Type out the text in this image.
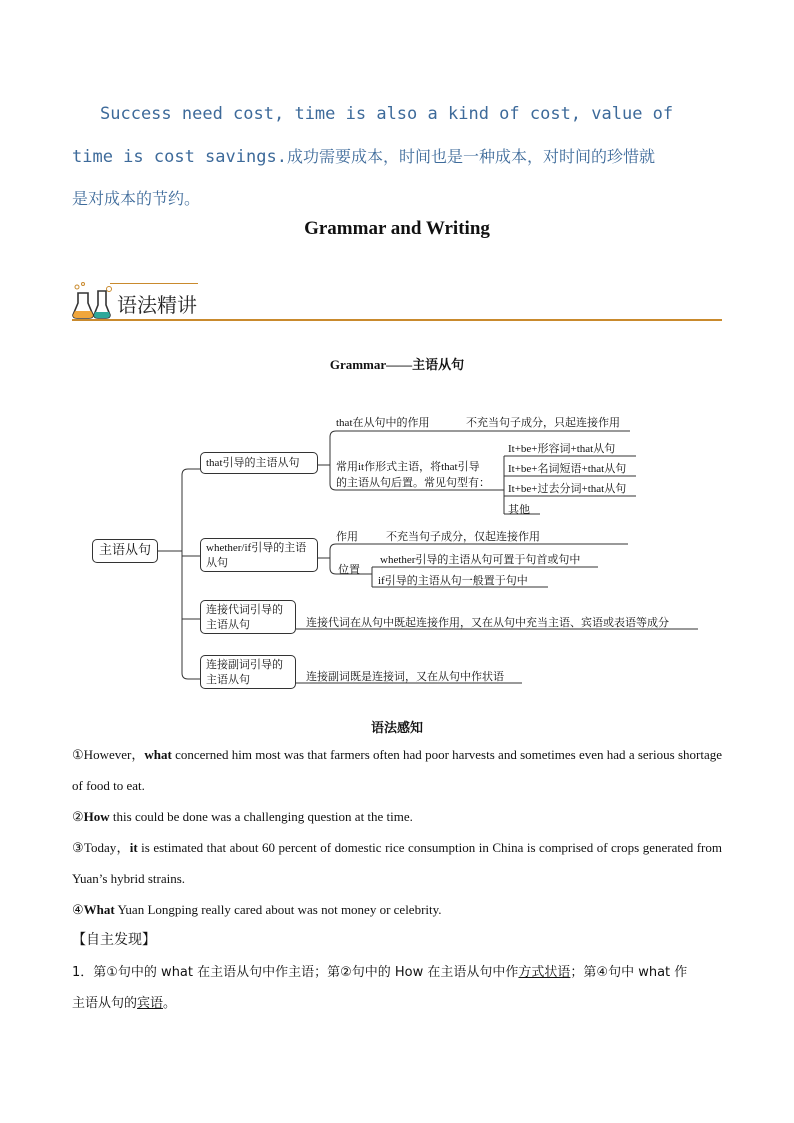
Success need cost, time is also a kind of cost, value of
time is cost savings.成功需要成本，时间也是一种成本，对时间的珍惜就
是对成本的节约。
Grammar and Writing
语法精讲
Grammar——主语从句
主语从句
that引导的主语从句
whether/if引导的主语
从句
连接代词引导的
主语从句
连接副词引导的
主语从句
that在从句中的作用	不充当句子成分，只起连接作用
常用it作形式主语，将that引导
的主语从句后置。常见句型有：
It+be+形容词+that从句
It+be+名词短语+that从句
It+be+过去分词+that从句
其他
作用	不充当句子成分，仅起连接作用
位置
whether引导的主语从句可置于句首或句中
if引导的主语从句一般置于句中
连接代词在从句中既起连接作用，又在从句中充当主语、宾语或表语等成分
连接副词既是连接词，又在从句中作状语
语法感知
①However，what concerned him most was that farmers often had poor harvests and sometimes even had a serious shortage of food to eat.
②How this could be done was a challenging question at the time.
③Today，it is estimated that about 60 percent of domestic rice consumption in China is comprised of crops generated from Yuan’s hybrid strains.
④What Yuan Longping really cared about was not money or celebrity.
【自主发现】
1．第①句中的 what 在主语从句中作主语；第②句中的 How 在主语从句中作方式状语；第④句中 what 作
主语从句的宾语。
